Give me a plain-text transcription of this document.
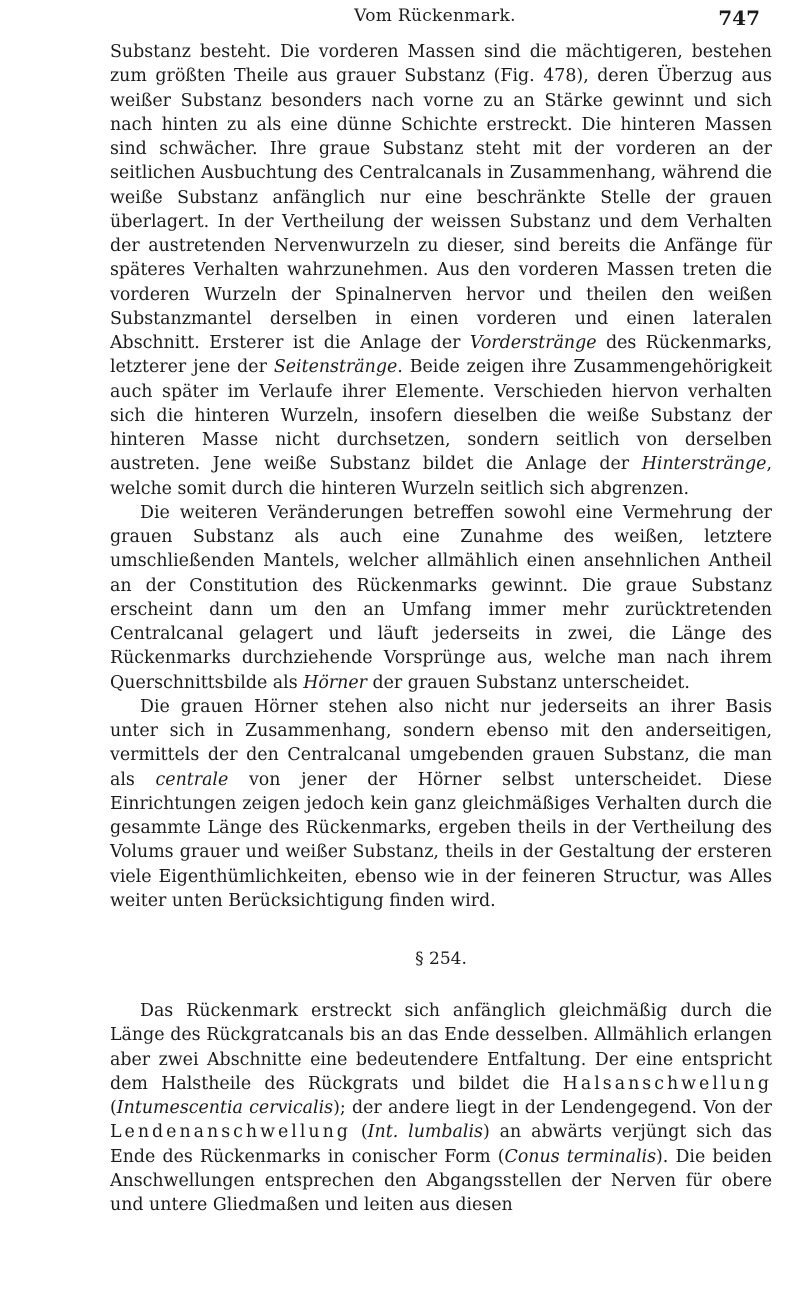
Vom Rückenmark.	747

Substanz besteht. Die vorderen Massen sind die mächtigeren, bestehen zum größten Theile aus grauer Substanz (Fig. 478), deren Überzug aus weißer Substanz besonders nach vorne zu an Stärke gewinnt und sich nach hinten zu als eine dünne Schichte erstreckt. Die hinteren Massen sind schwächer. Ihre graue Substanz steht mit der vorderen an der seitlichen Ausbuchtung des Centralcanals in Zusammenhang, während die weiße Substanz anfänglich nur eine beschränkte Stelle der grauen überlagert. In der Vertheilung der weissen Substanz und dem Verhalten der austretenden Nervenwurzeln zu dieser, sind bereits die Anfänge für späteres Verhalten wahrzunehmen. Aus den vorderen Massen treten die vorderen Wurzeln der Spinalnerven hervor und theilen den weißen Substanzmantel derselben in einen vorderen und einen lateralen Abschnitt. Ersterer ist die Anlage der Vorderstränge des Rückenmarks, letzterer jene der Seitenstränge. Beide zeigen ihre Zusammengehörigkeit auch später im Verlaufe ihrer Elemente. Verschieden hiervon verhalten sich die hinteren Wurzeln, insofern dieselben die weiße Substanz der hinteren Masse nicht durchsetzen, sondern seitlich von derselben austreten. Jene weiße Substanz bildet die Anlage der Hinterstränge, welche somit durch die hinteren Wurzeln seitlich sich abgrenzen.

Die weiteren Veränderungen betreffen sowohl eine Vermehrung der grauen Substanz als auch eine Zunahme des weißen, letztere umschließenden Mantels, welcher allmählich einen ansehnlichen Antheil an der Constitution des Rückenmarks gewinnt. Die graue Substanz erscheint dann um den an Umfang immer mehr zurücktretenden Centralcanal gelagert und läuft jederseits in zwei, die Länge des Rückenmarks durchziehende Vorsprünge aus, welche man nach ihrem Querschnittsbilde als Hörner der grauen Substanz unterscheidet.

Die grauen Hörner stehen also nicht nur jederseits an ihrer Basis unter sich in Zusammenhang, sondern ebenso mit den anderseitigen, vermittels der den Centralcanal umgebenden grauen Substanz, die man als centrale von jener der Hörner selbst unterscheidet. Diese Einrichtungen zeigen jedoch kein ganz gleichmäßiges Verhalten durch die gesammte Länge des Rückenmarks, ergeben theils in der Vertheilung des Volums grauer und weißer Substanz, theils in der Gestaltung der ersteren viele Eigenthümlichkeiten, ebenso wie in der feineren Structur, was Alles weiter unten Berücksichtigung finden wird.

§ 254.

Das Rückenmark erstreckt sich anfänglich gleichmäßig durch die Länge des Rückgratcanals bis an das Ende desselben. Allmählich erlangen aber zwei Abschnitte eine bedeutendere Entfaltung. Der eine entspricht dem Halstheile des Rückgrats und bildet die Halsanschwellung (Intumescentia cervicalis); der andere liegt in der Lendengegend. Von der Lendenanschwellung (Int. lumbalis) an abwärts verjüngt sich das Ende des Rückenmarks in conischer Form (Conus terminalis). Die beiden Anschwellungen entsprechen den Abgangsstellen der Nerven für obere und untere Gliedmaßen und leiten aus diesen
